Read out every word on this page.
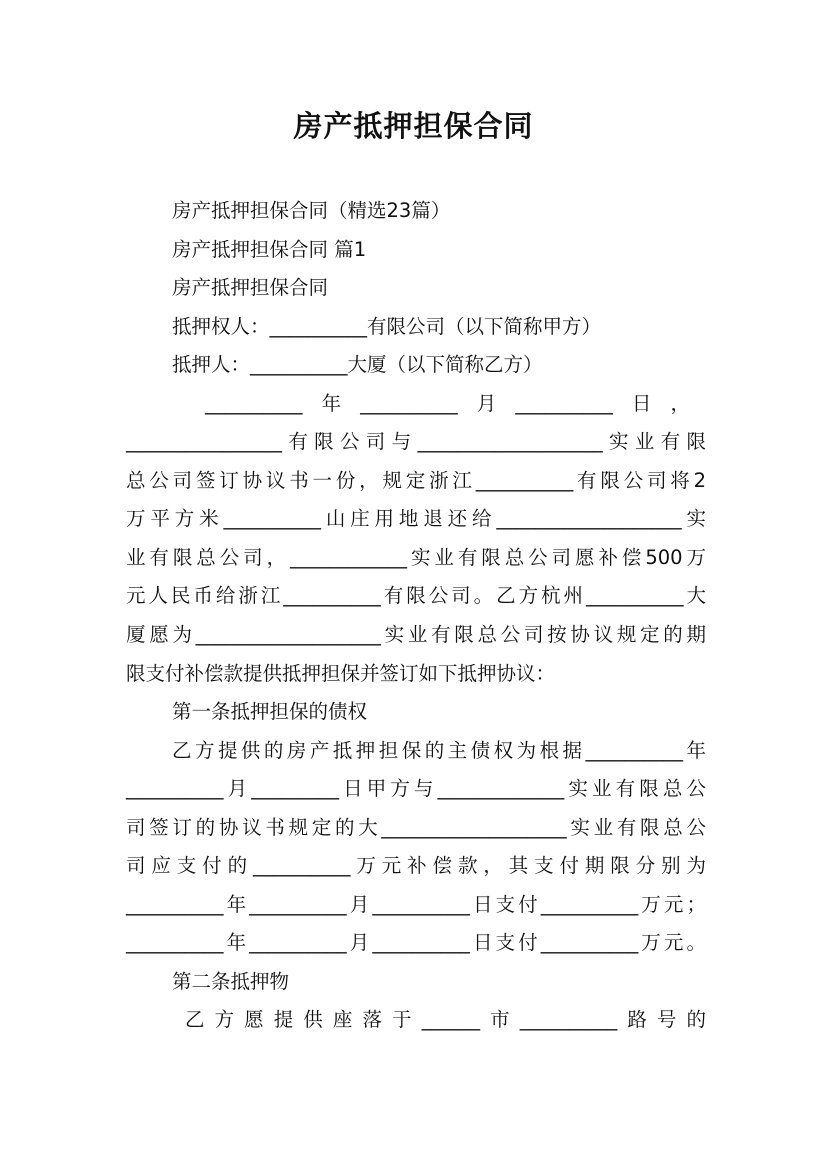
房产抵押担保合同
房产抵押担保合同（精选23篇）
房产抵押担保合同 篇1
房产抵押担保合同
抵押权人：__________有限公司（以下简称甲方）
抵押人：__________大厦（以下简称乙方）
__________年__________月__________日，
________________有限公司与___________________实业有限
总公司签订协议书一份，规定浙江__________有限公司将2
万平方米__________山庄用地退还给___________________实
业有限总公司，____________实业有限总公司愿补偿500万
元人民币给浙江__________有限公司。乙方杭州__________大
厦愿为___________________实业有限总公司按协议规定的期
限支付补偿款提供抵押担保并签订如下抵押协议：
第一条抵押担保的债权
乙方提供的房产抵押担保的主债权为根据__________年
__________月_________日甲方与_____________实业有限总公
司签订的协议书规定的大___________________实业有限总公
司应支付的__________万元补偿款，其支付期限分别为
__________年__________月__________日支付__________万元；
__________年__________月__________日支付__________万元。
第二条抵押物
乙方愿提供座落于______市__________路号的
